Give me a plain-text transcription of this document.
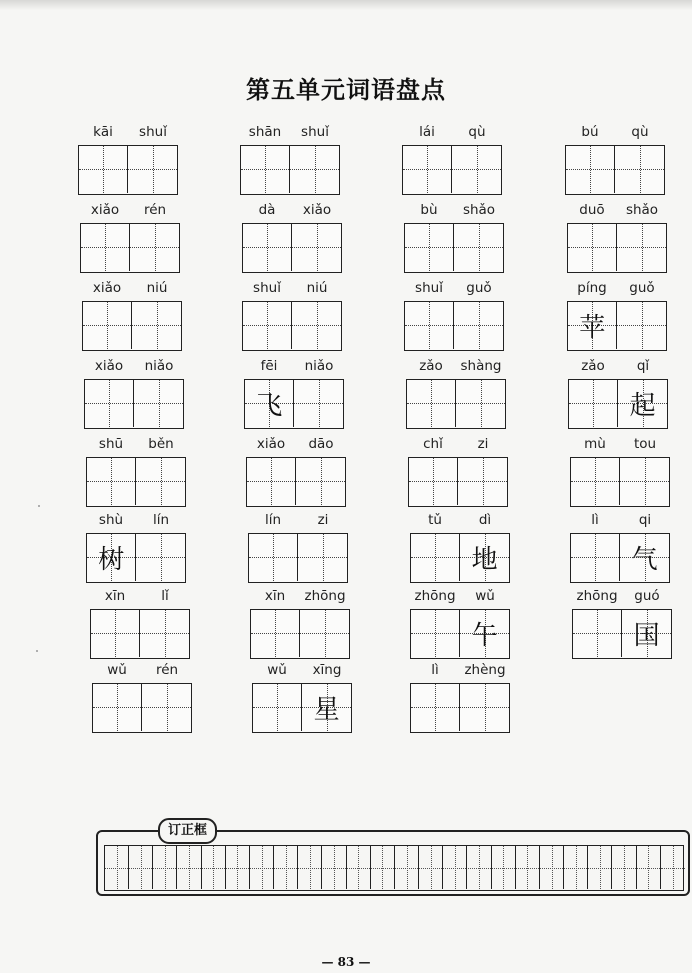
第五单元词语盘点
kāi	shuǐ	shān	shuǐ	lái	qù	bú	qù
xiǎo	rén	dà	xiǎo	bù	shǎo	duō	shǎo
xiǎo	niú	shuǐ	niú	shuǐ	guǒ	píng	guǒ
苹
xiǎo	niǎo	fēi	niǎo
飞
zǎo	shàng	zǎo	qǐ
起
shū	běn	xiǎo	dāo	chǐ	zi	mù	tou
shù	lín
树
lín	zi	tǔ	dì
地
lì	qi
气
xīn	lǐ	xīn	zhōng	zhōng	wǔ
午
zhōng	guó
国
wǔ	rén	wǔ	xīng
星
lì	zhèng
订正框
— 83 —
